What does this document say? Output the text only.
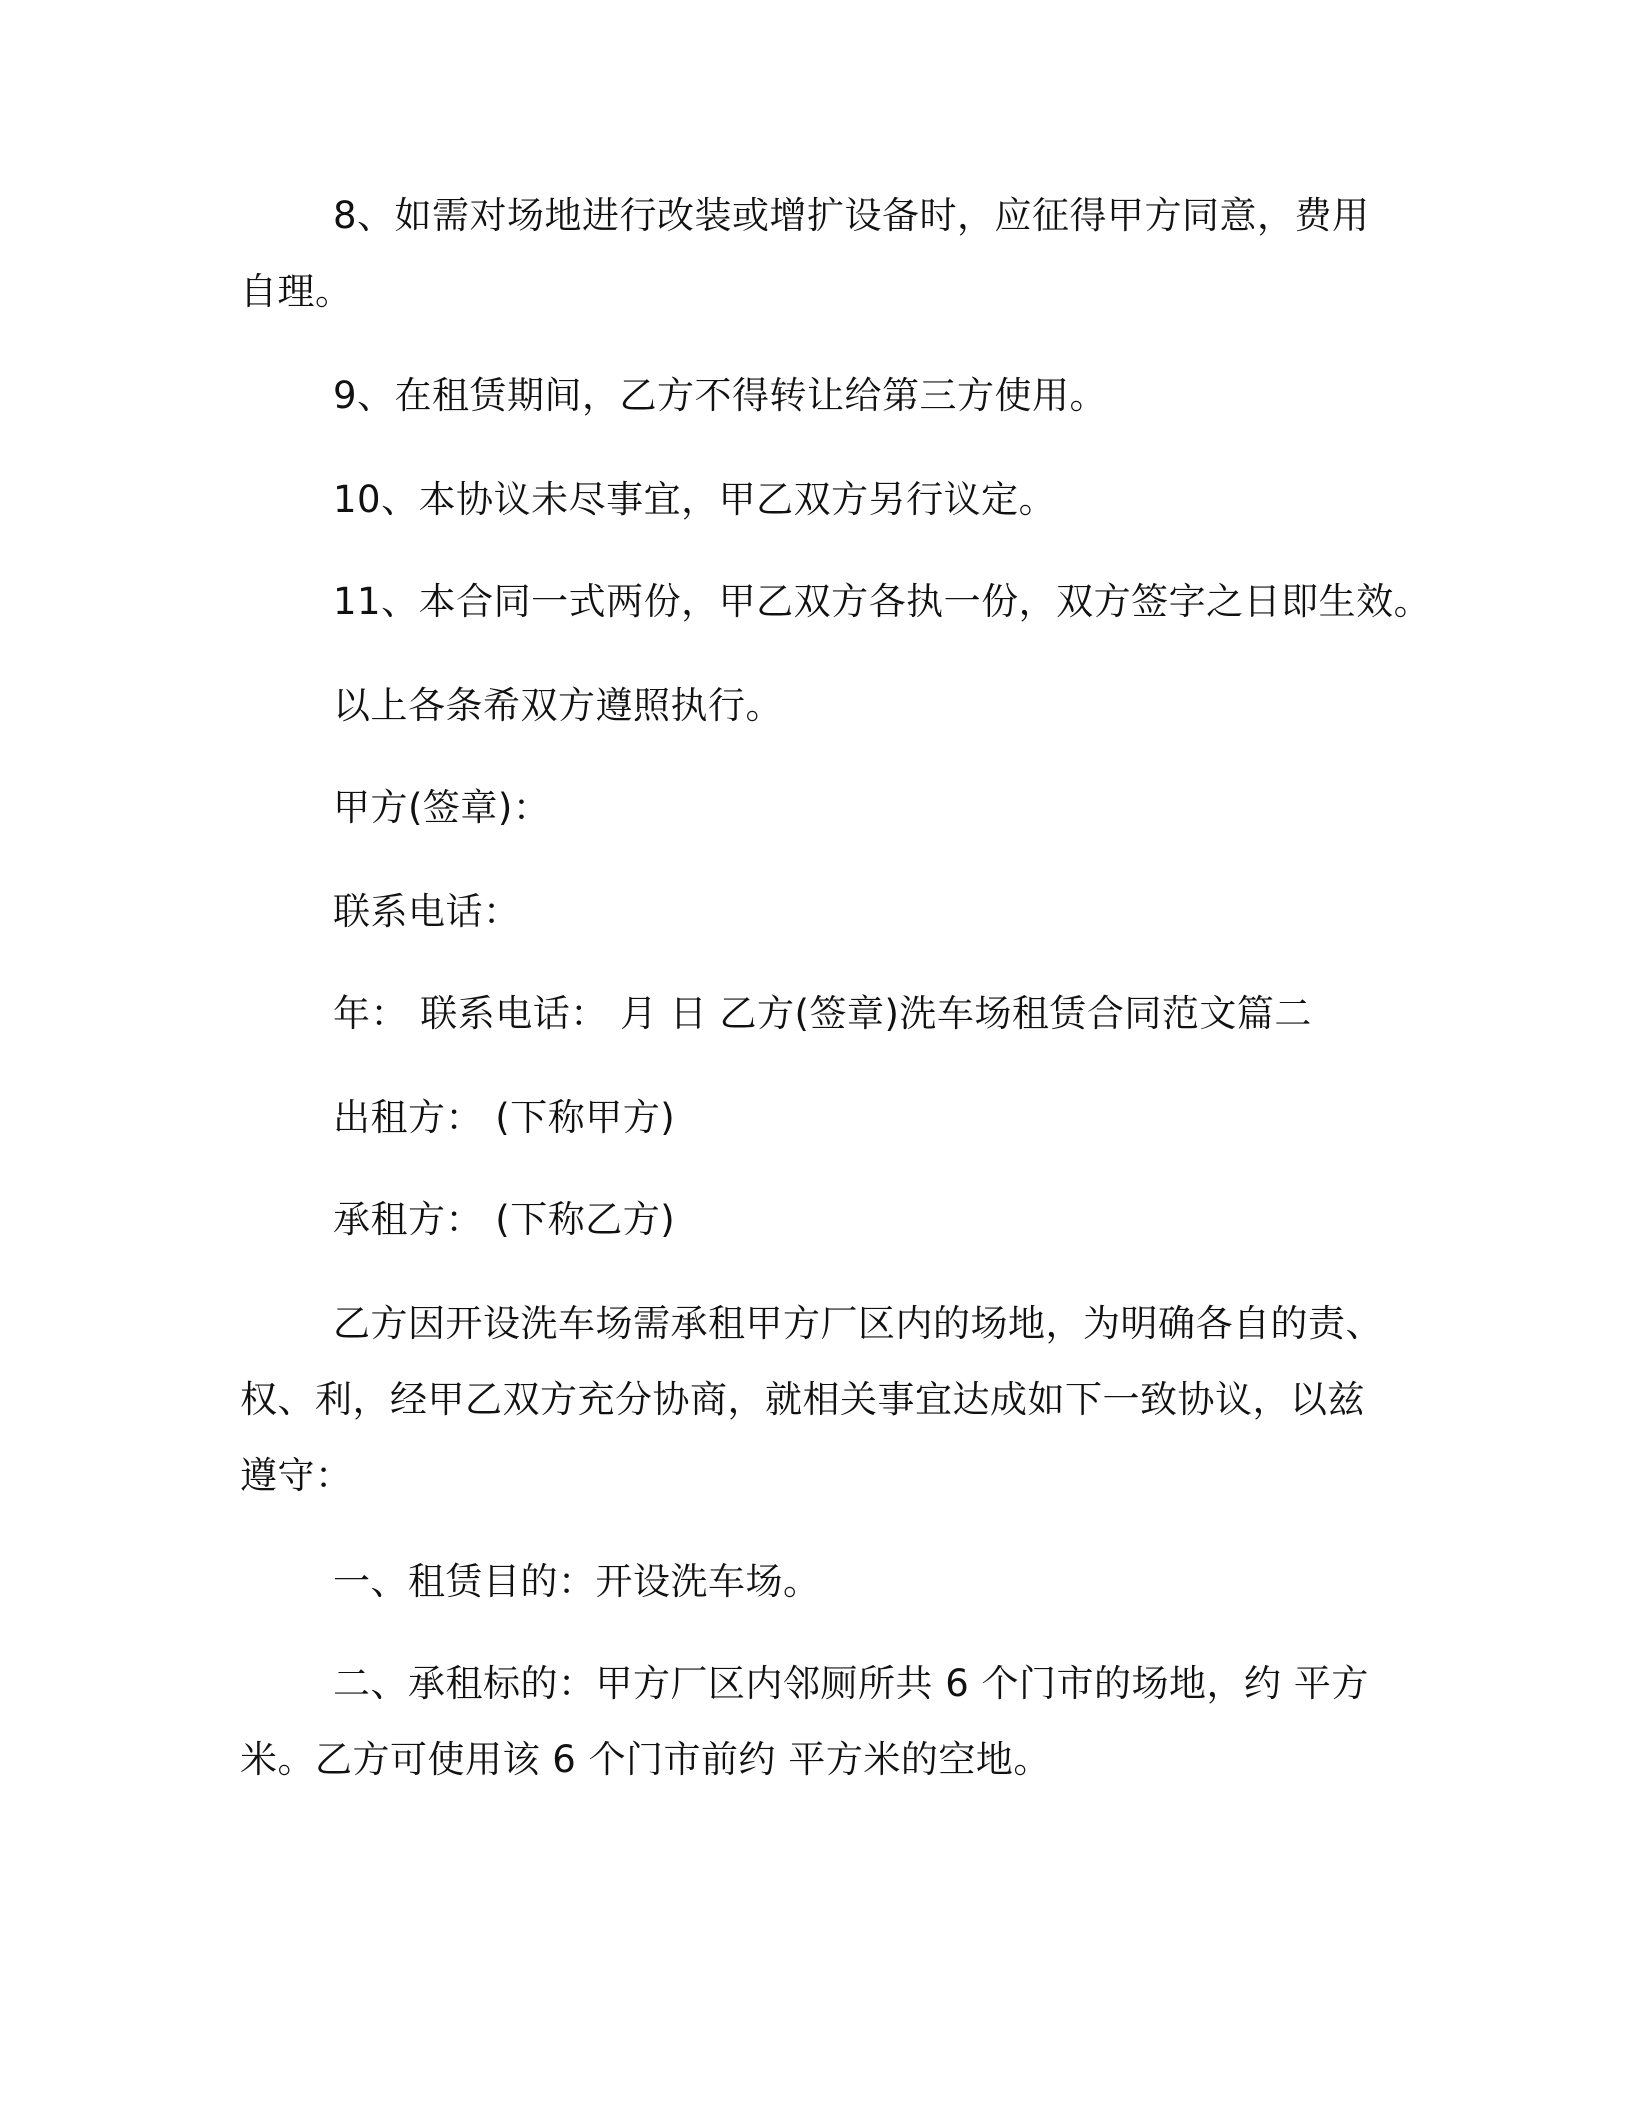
8、如需对场地进行改装或增扩设备时，应征得甲方同意，费用
自理。
9、在租赁期间，乙方不得转让给第三方使用。
10、本协议未尽事宜，甲乙双方另行议定。
11、本合同一式两份，甲乙双方各执一份，双方签字之日即生效。
以上各条希双方遵照执行。
甲方(签章)：
联系电话：
年： 联系电话： 月 日 乙方(签章)洗车场租赁合同范文篇二
出租方： (下称甲方)
承租方： (下称乙方)
乙方因开设洗车场需承租甲方厂区内的场地，为明确各自的责、
权、利，经甲乙双方充分协商，就相关事宜达成如下一致协议，以兹
遵守：
一、租赁目的：开设洗车场。
二、承租标的：甲方厂区内邻厕所共 6 个门市的场地，约 平方
米。乙方可使用该 6 个门市前约 平方米的空地。
